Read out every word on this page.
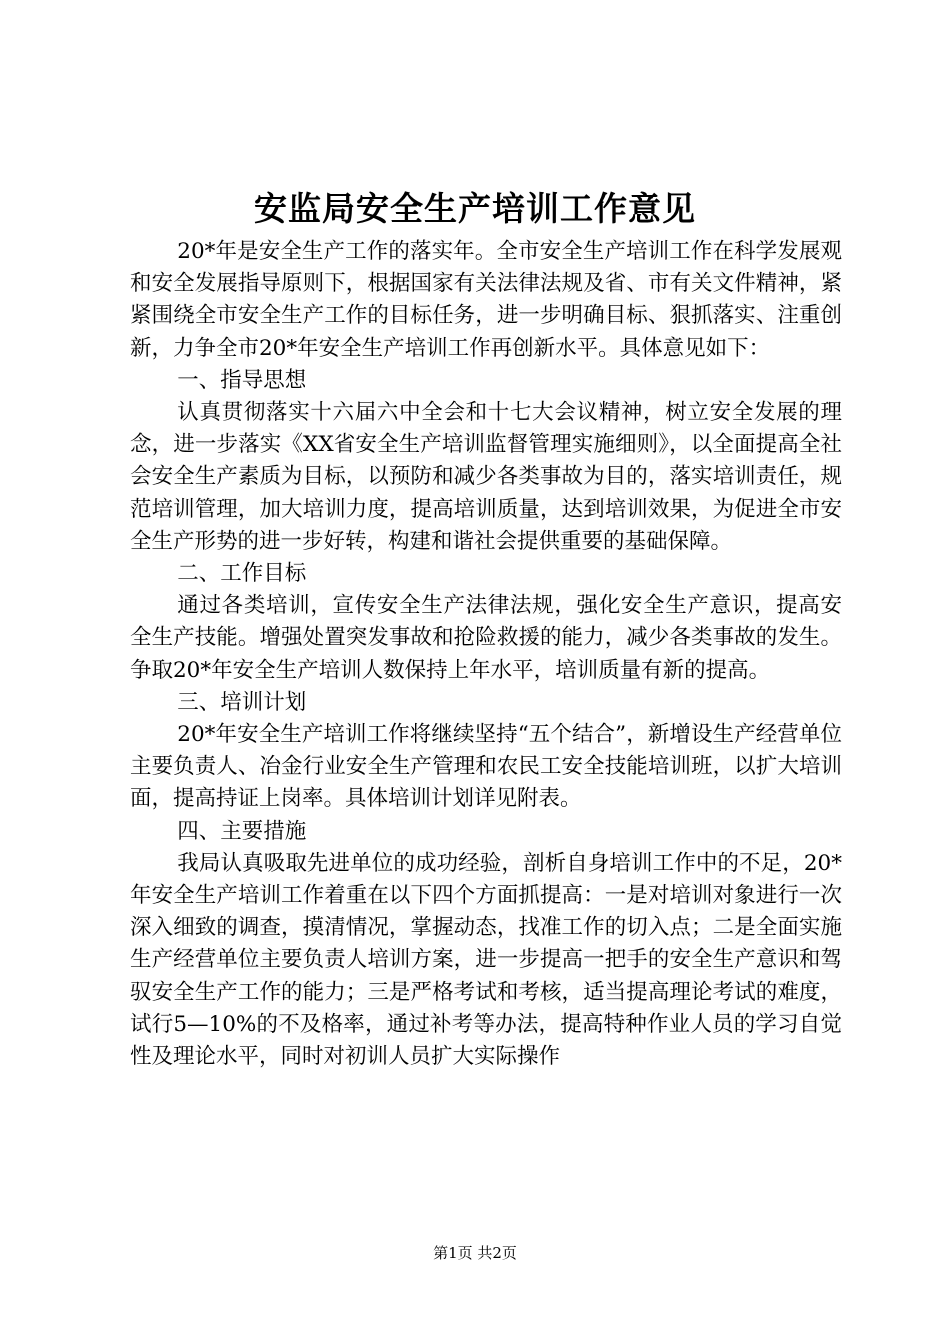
安监局安全生产培训工作意见

20*年是安全生产工作的落实年。全市安全生产培训工作在科学发展观和安全发展指导原则下，根据国家有关法律法规及省、市有关文件精神，紧紧围绕全市安全生产工作的目标任务，进一步明确目标、狠抓落实、注重创新，力争全市20*年安全生产培训工作再创新水平。具体意见如下：

一、指导思想

认真贯彻落实十六届六中全会和十七大会议精神，树立安全发展的理念，进一步落实《XX省安全生产培训监督管理实施细则》，以全面提高全社会安全生产素质为目标，以预防和减少各类事故为目的，落实培训责任，规范培训管理，加大培训力度，提高培训质量，达到培训效果，为促进全市安全生产形势的进一步好转，构建和谐社会提供重要的基础保障。

二、工作目标

通过各类培训，宣传安全生产法律法规，强化安全生产意识，提高安全生产技能。增强处置突发事故和抢险救援的能力，减少各类事故的发生。争取20*年安全生产培训人数保持上年水平，培训质量有新的提高。

三、培训计划

20*年安全生产培训工作将继续坚持“五个结合”，新增设生产经营单位主要负责人、冶金行业安全生产管理和农民工安全技能培训班，以扩大培训面，提高持证上岗率。具体培训计划详见附表。

四、主要措施

我局认真吸取先进单位的成功经验，剖析自身培训工作中的不足，20*年安全生产培训工作着重在以下四个方面抓提高：一是对培训对象进行一次深入细致的调查，摸清情况，掌握动态，找准工作的切入点；二是全面实施生产经营单位主要负责人培训方案，进一步提高一把手的安全生产意识和驾驭安全生产工作的能力；三是严格考试和考核，适当提高理论考试的难度，试行5—10%的不及格率，通过补考等办法，提高特种作业人员的学习自觉性及理论水平，同时对初训人员扩大实际操作

第1页 共2页
